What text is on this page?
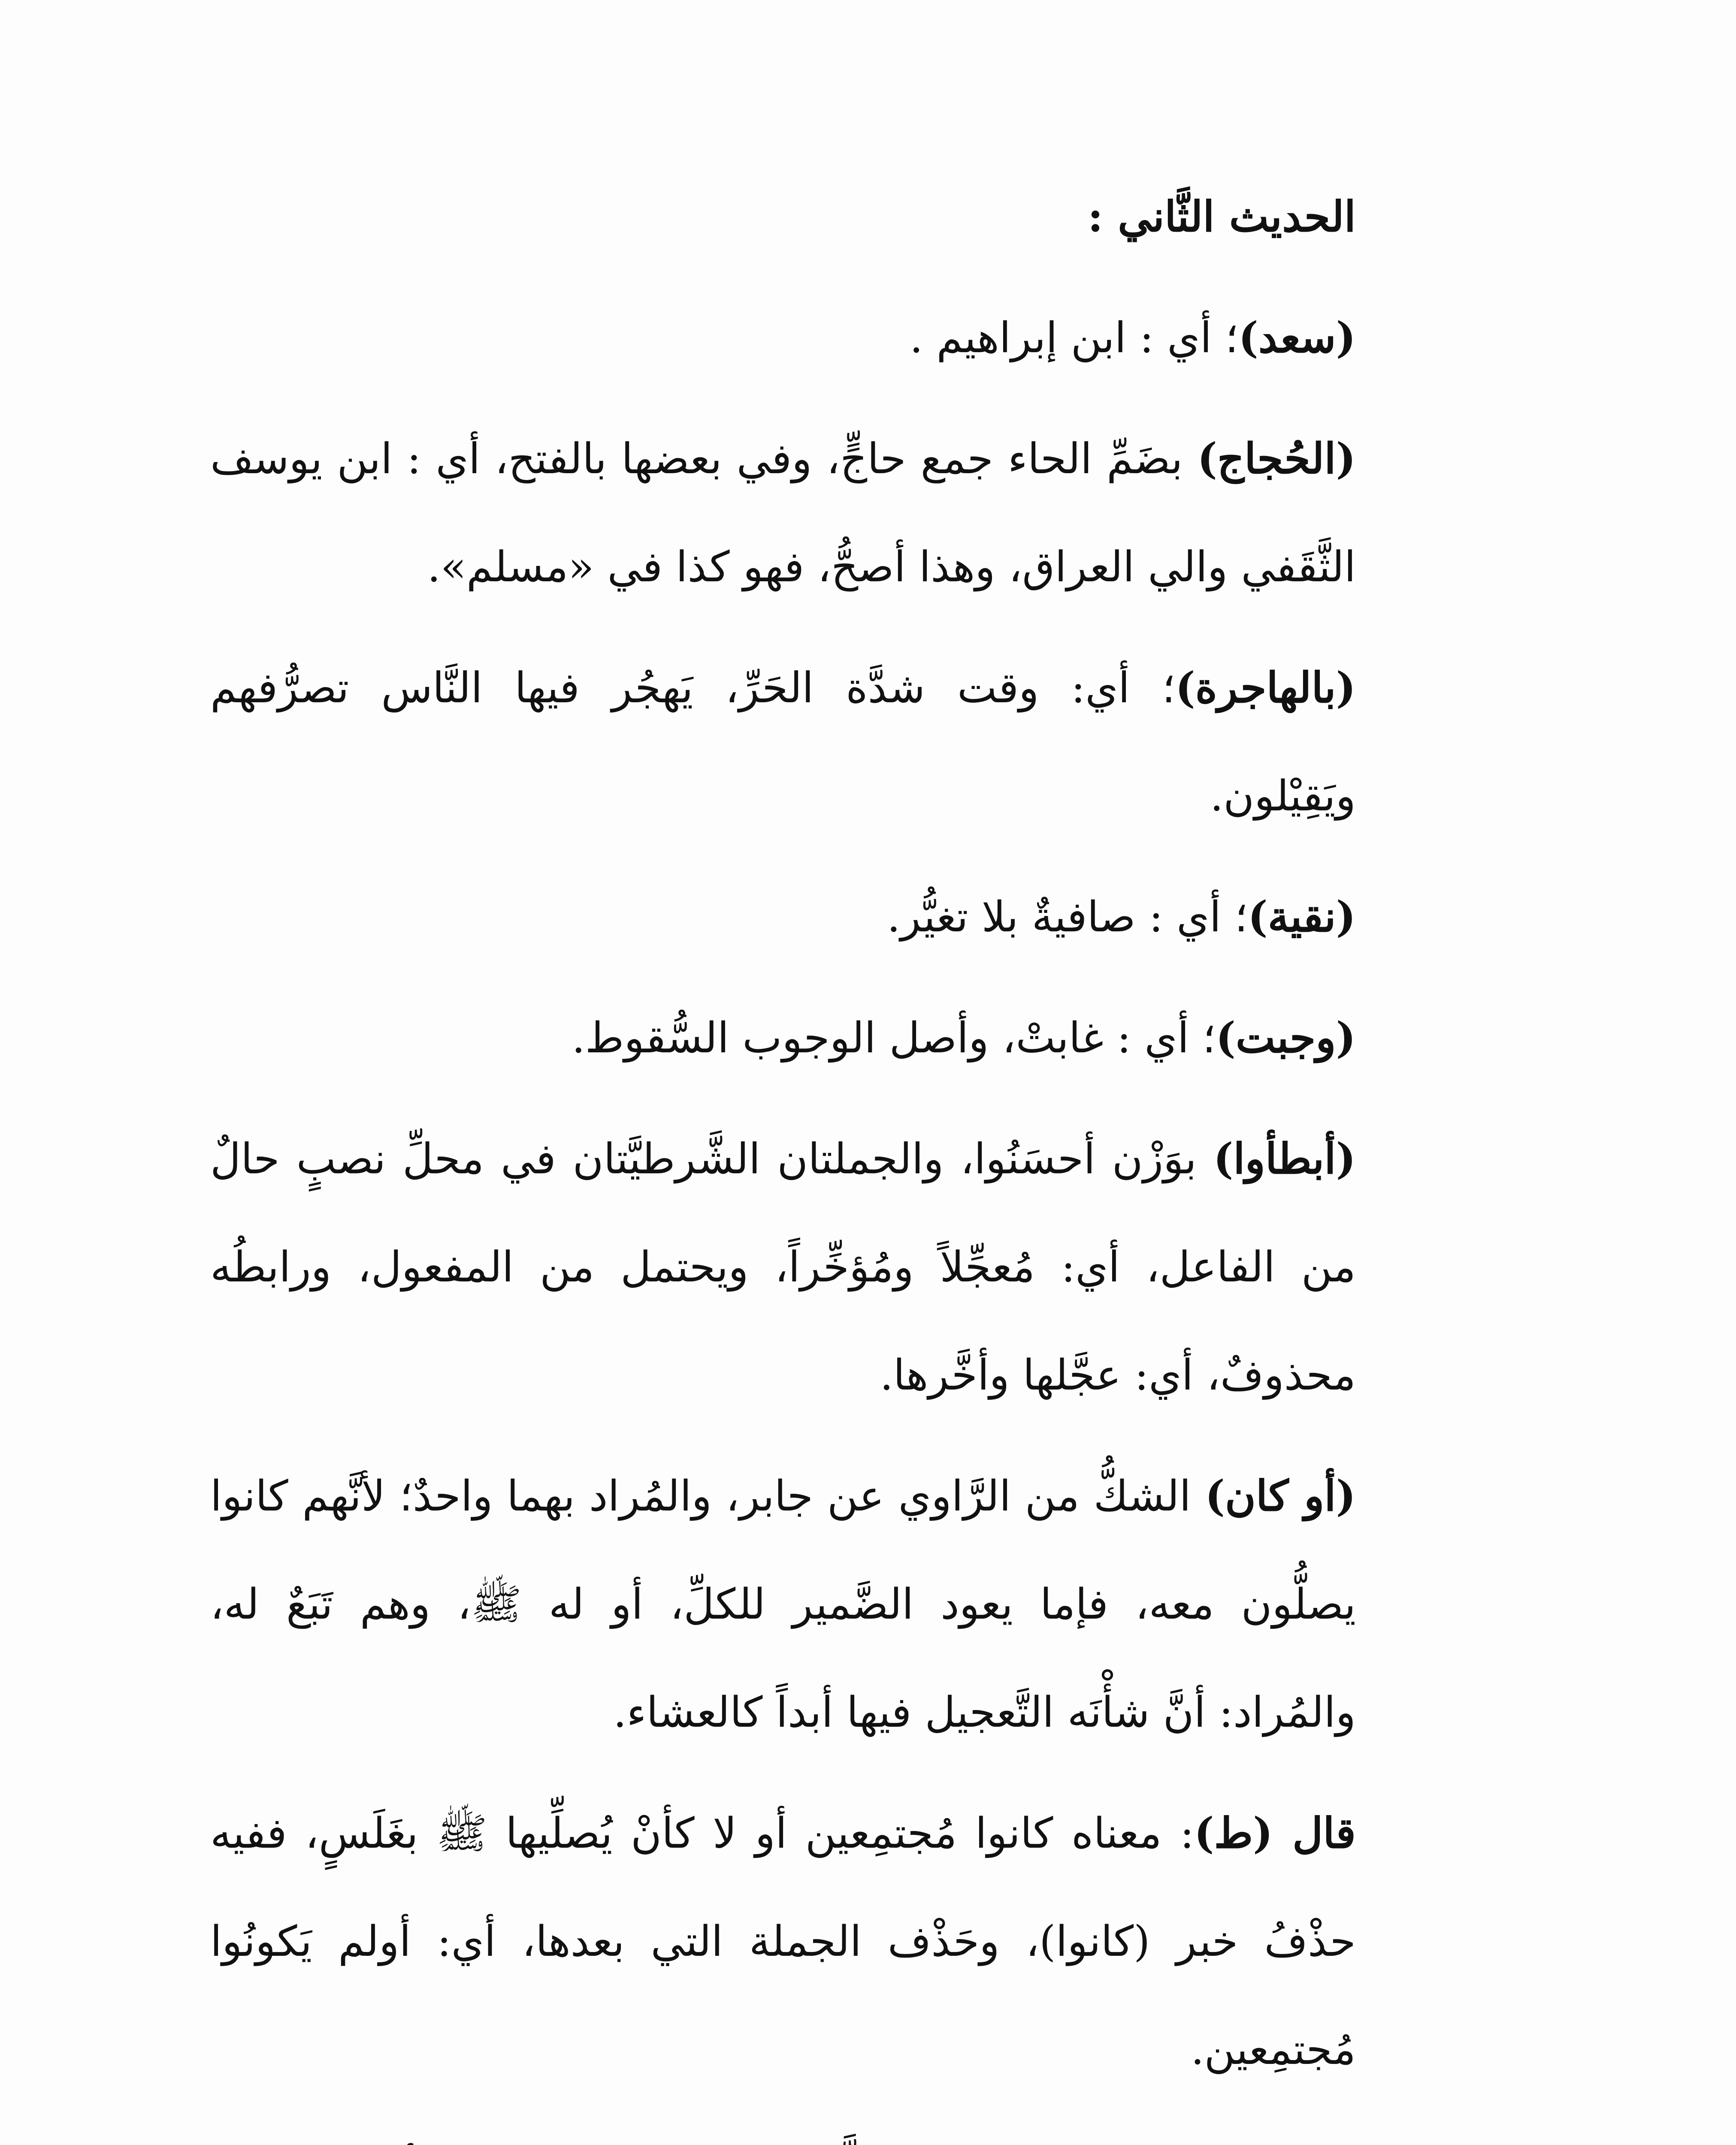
الحديث الثَّاني :

(سعد)؛ أي : ابن إبراهيم .

(الحُجاج) بضَمِّ الحاء جمع حاجٍّ، وفي بعضها بالفتح، أي : ابن يوسف الثَّقَفي والي العراق، وهذا أصحُّ، فهو كذا في «مسلم».

(بالهاجرة)؛ أي: وقت شدَّة الحَرِّ، يَهجُر فيها النَّاس تصرُّفهم ويَقِيْلون.

(نقية)؛ أي : صافيةٌ بلا تغيُّر.

(وجبت)؛ أي : غابتْ، وأصل الوجوب السُّقوط.

(أبطأوا) بوَزْن أحسَنُوا، والجملتان الشَّرطيَّتان في محلِّ نصبٍ حالٌ من الفاعل، أي: مُعجِّلاً ومُؤخِّراً، ويحتمل من المفعول، ورابطُه محذوفٌ، أي: عجَّلها وأخَّرها.

(أو كان) الشكُّ من الرَّاوي عن جابر، والمُراد بهما واحدٌ؛ لأنَّهم كانوا يصلُّون معه، فإما يعود الضَّمير للكلِّ، أو له ﷺ، وهم تَبَعٌ له، والمُراد: أنَّ شأْنَه التَّعجيل فيها أبداً كالعشاء.

قال (ط): معناه كانوا مُجتمِعين أو لا كأنْ يُصلِّيها ﷺ بغَلَسٍ، ففيه حذْفُ خبر (كانوا)، وحَذْف الجملة التي بعدها، أي: أولم يَكونُوا مُجتمِعين.
